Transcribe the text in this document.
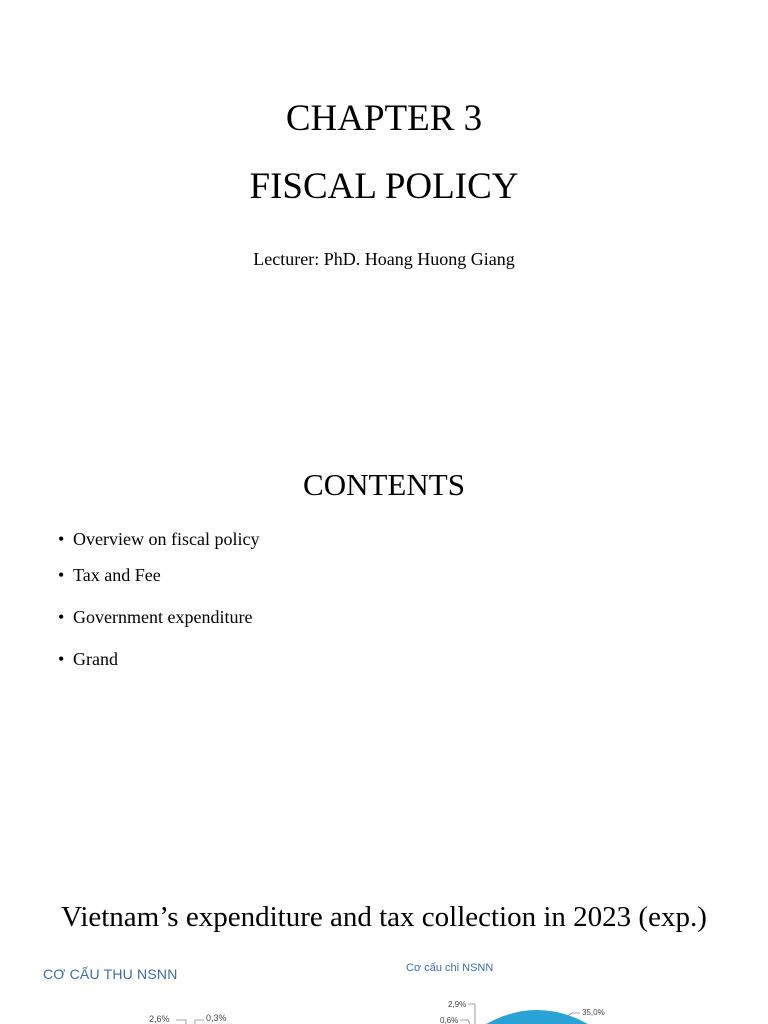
CHAPTER 3
FISCAL POLICY
Lecturer: PhD. Hoang Huong Giang
CONTENTS
• Overview on fiscal policy
• Tax and Fee
• Government expenditure
• Grand
Vietnam’s expenditure and tax collection in 2023 (exp.)
CƠ CẤU THU NSNN	Cơ cấu chi NSNN
2,6%	0,3%
2,9%
0,6%
35,0%
